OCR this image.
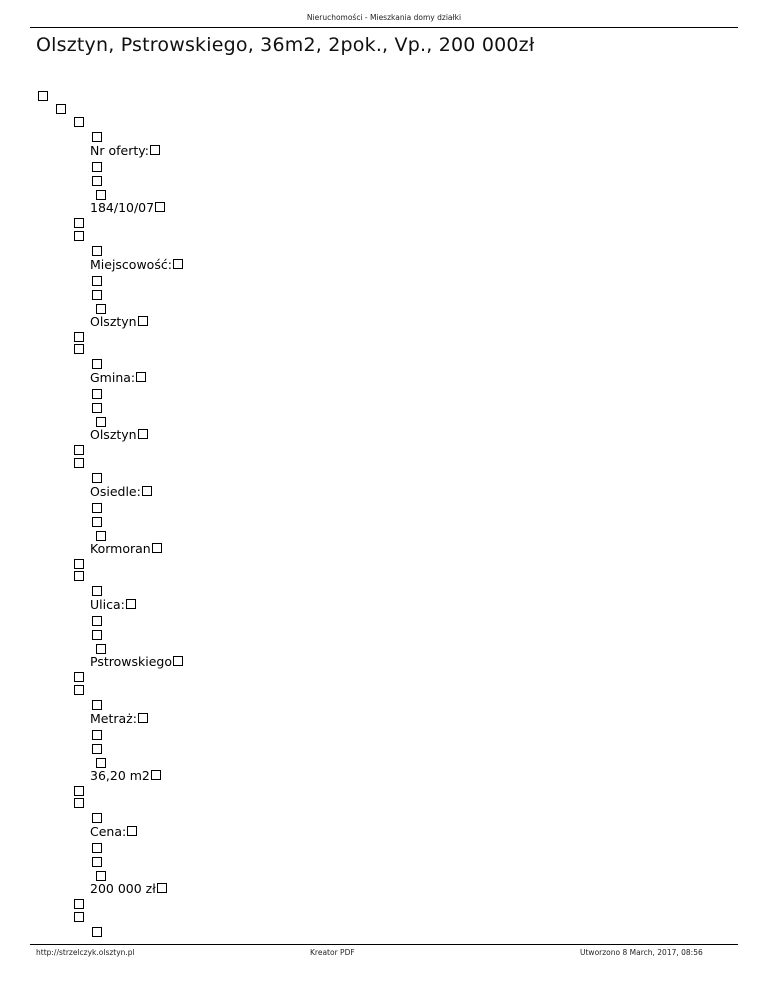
Nieruchomości - Mieszkania domy działki
Olsztyn, Pstrowskiego, 36m2, 2pok., Vp., 200 000zł
Nr oferty:
184/10/07
Miejscowość:
Olsztyn
Gmina:
Olsztyn
Osiedle:
Kormoran
Ulica:
Pstrowskiego
Metraż:
36,20 m2
Cena:
200 000 zł
http://strzelczyk.olsztyn.pl	Kreator PDF	Utworzono 8 March, 2017, 08:56
